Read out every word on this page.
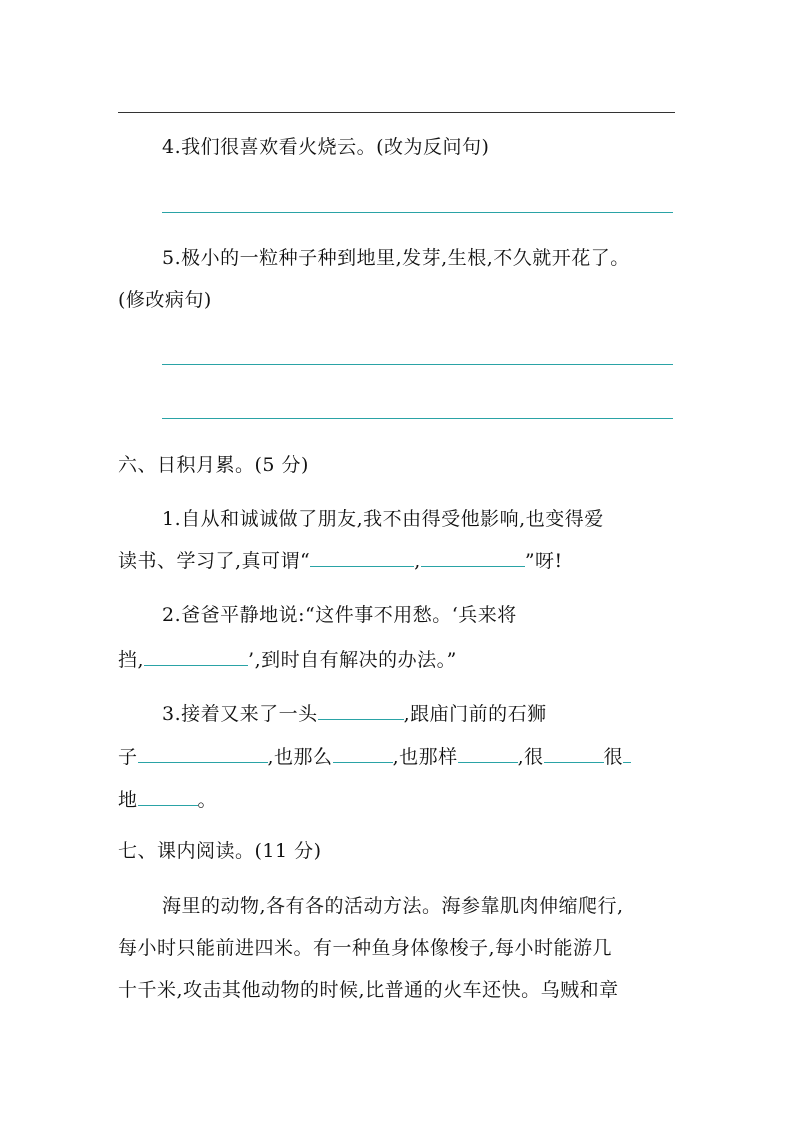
4.我们很喜欢看火烧云。(改为反问句)
5.极小的一粒种子种到地里,发芽,生根,不久就开花了。
(修改病句)
六、日积月累。(5 分)
1.自从和诚诚做了朋友,我不由得受他影响,也变得爱
读书、学习了,真可谓“	,	”呀!
2.爸爸平静地说:“这件事不用愁。‘兵来将
挡,	’,到时自有解决的办法。”
3.接着又来了一头	,跟庙门前的石狮
子	,也那么	,也那样	,很	很
地	。
七、课内阅读。(11 分)
海里的动物,各有各的活动方法。海参靠肌肉伸缩爬行,
每小时只能前进四米。有一种鱼身体像梭子,每小时能游几
十千米,攻击其他动物的时候,比普通的火车还快。乌贼和章
